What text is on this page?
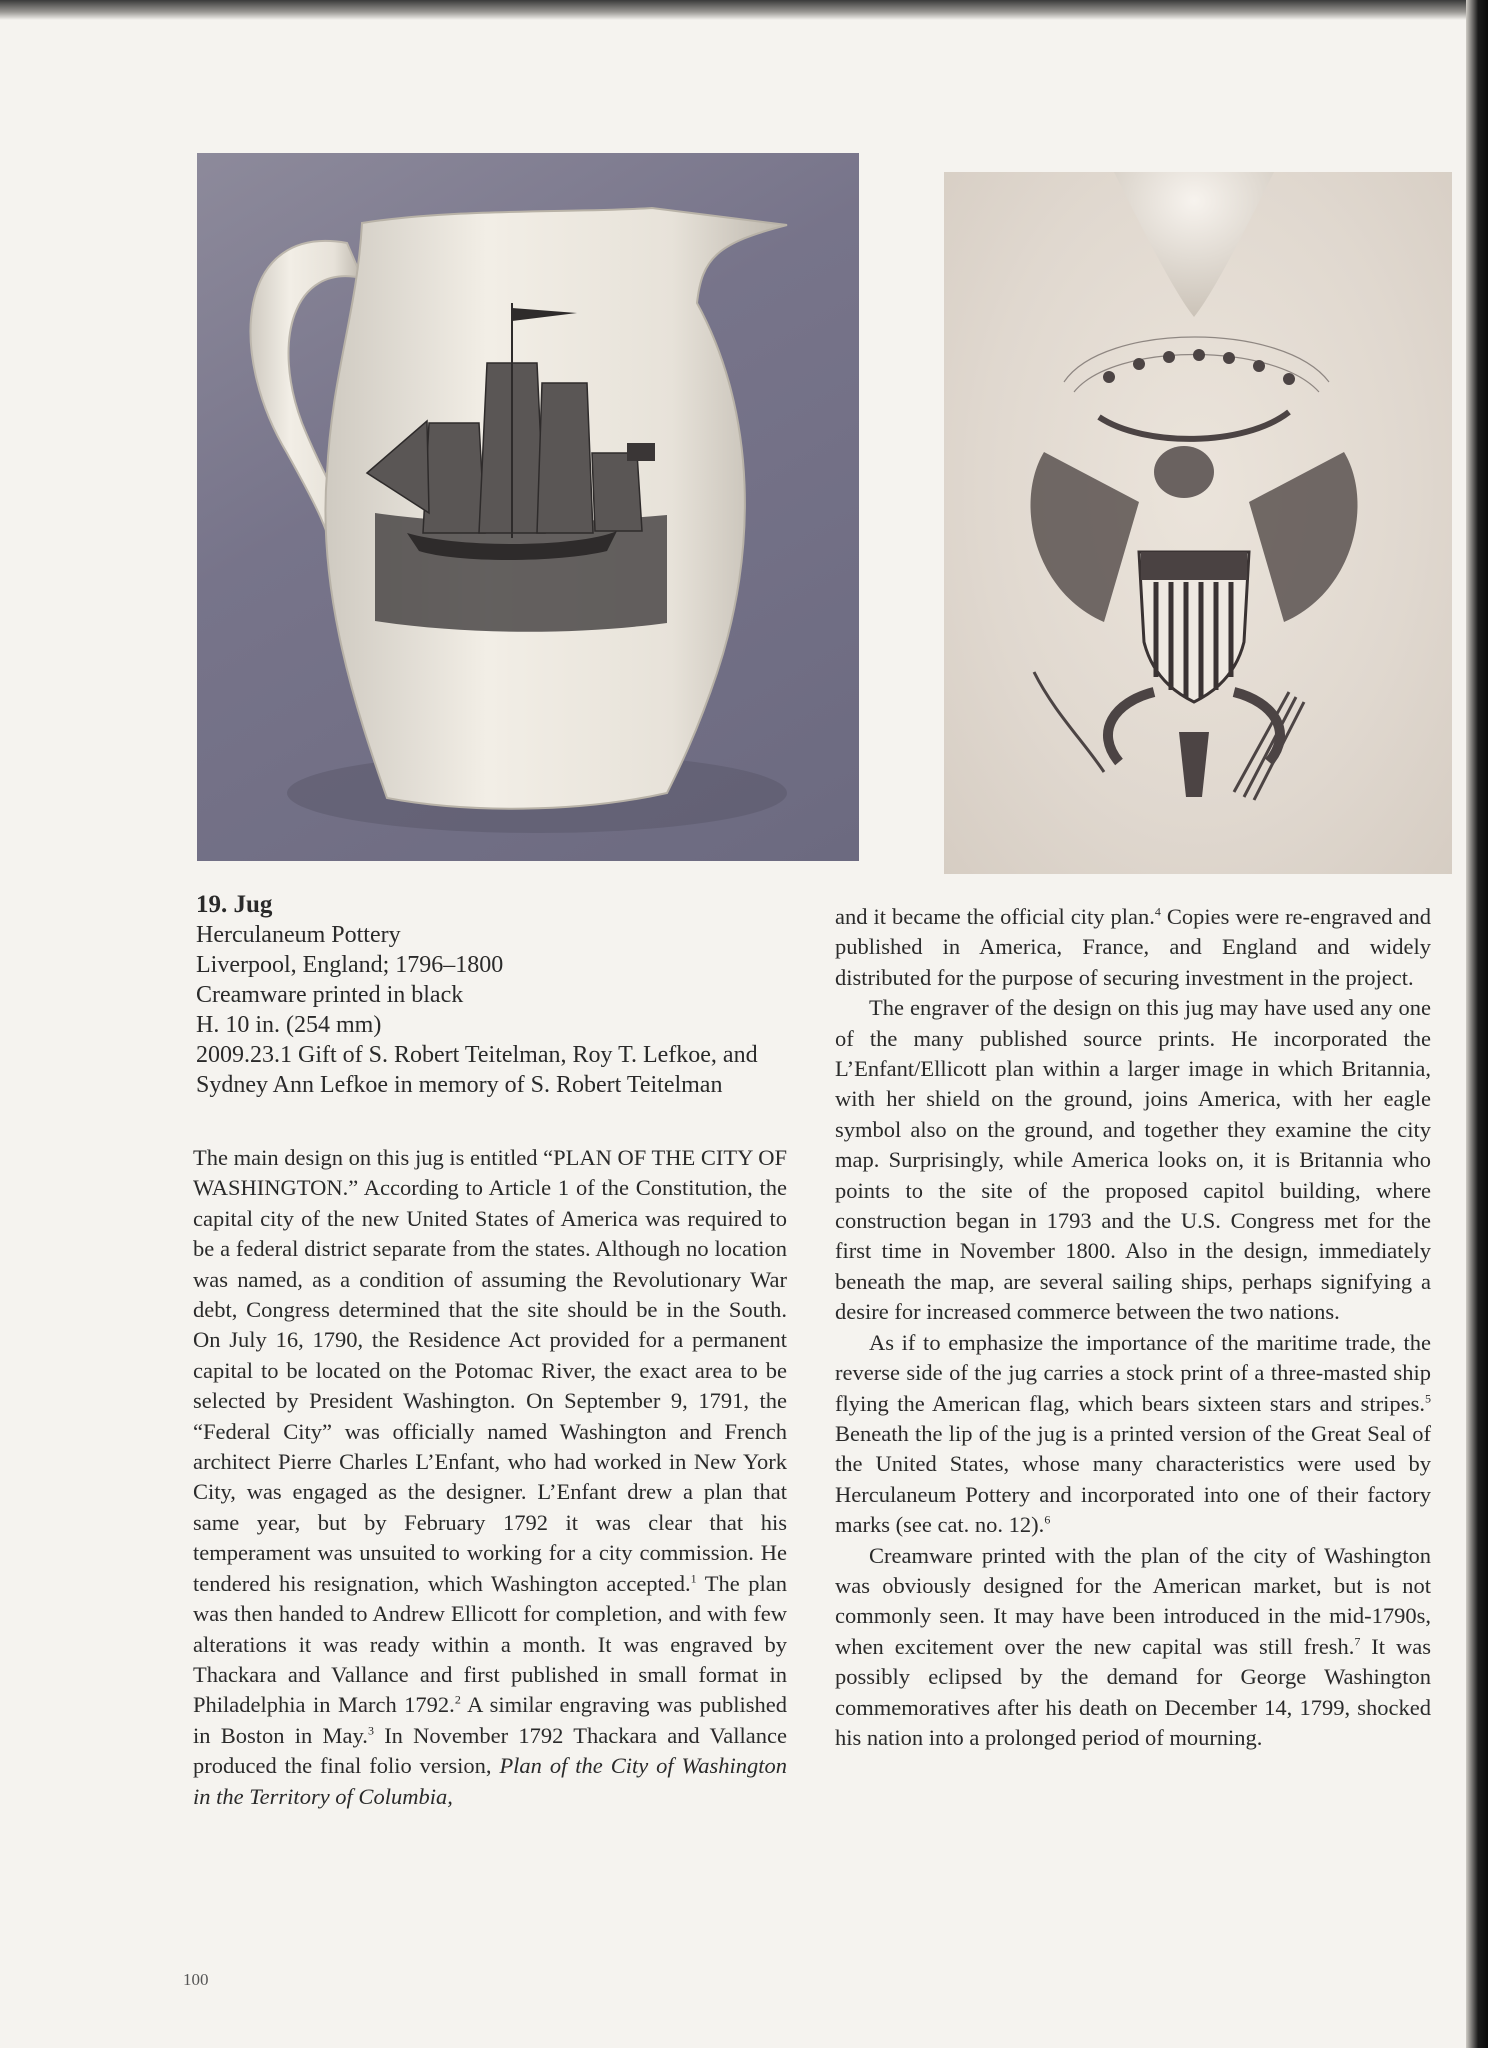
19. Jug
Herculaneum Pottery
Liverpool, England; 1796–1800
Creamware printed in black
H. 10 in. (254 mm)
2009.23.1 Gift of S. Robert Teitelman, Roy T. Lefkoe, and
Sydney Ann Lefkoe in memory of S. Robert Teitelman

The main design on this jug is entitled “PLAN OF THE CITY OF WASHINGTON.” According to Article 1 of the Constitution, the capital city of the new United States of America was required to be a federal district separate from the states. Although no location was named, as a condition of assuming the Revolutionary War debt, Congress determined that the site should be in the South. On July 16, 1790, the Residence Act provided for a permanent capital to be located on the Potomac River, the exact area to be selected by President Washington. On September 9, 1791, the “Federal City” was officially named Washington and French architect Pierre Charles L’Enfant, who had worked in New York City, was engaged as the designer. L’Enfant drew a plan that same year, but by February 1792 it was clear that his temperament was unsuited to working for a city commission. He tendered his resignation, which Washington accepted.$^1$ The plan was then handed to Andrew Ellicott for completion, and with few alterations it was ready within a month. It was engraved by Thackara and Vallance and first published in small format in Philadelphia in March 1792.$^2$ A similar engraving was published in Boston in May.$^3$ In November 1792 Thackara and Vallance produced the final folio version, Plan of the City of Washington in the Territory of Columbia,

and it became the official city plan.$^4$ Copies were re-engraved and published in America, France, and England and widely distributed for the purpose of securing investment in the project.

The engraver of the design on this jug may have used any one of the many published source prints. He incorporated the L’Enfant/Ellicott plan within a larger image in which Britannia, with her shield on the ground, joins America, with her eagle symbol also on the ground, and together they examine the city map. Surprisingly, while America looks on, it is Britannia who points to the site of the proposed capitol building, where construction began in 1793 and the U.S. Congress met for the first time in November 1800. Also in the design, immediately beneath the map, are several sailing ships, perhaps signifying a desire for increased commerce between the two nations.

As if to emphasize the importance of the maritime trade, the reverse side of the jug carries a stock print of a three-masted ship flying the American flag, which bears sixteen stars and stripes.$^5$ Beneath the lip of the jug is a printed version of the Great Seal of the United States, whose many characteristics were used by Herculaneum Pottery and incorporated into one of their factory marks (see cat. no. 12).$^6$

Creamware printed with the plan of the city of Washington was obviously designed for the American market, but is not commonly seen. It may have been introduced in the mid-1790s, when excitement over the new capital was still fresh.$^7$ It was possibly eclipsed by the demand for George Washington commemoratives after his death on December 14, 1799, shocked his nation into a prolonged period of mourning.

100
